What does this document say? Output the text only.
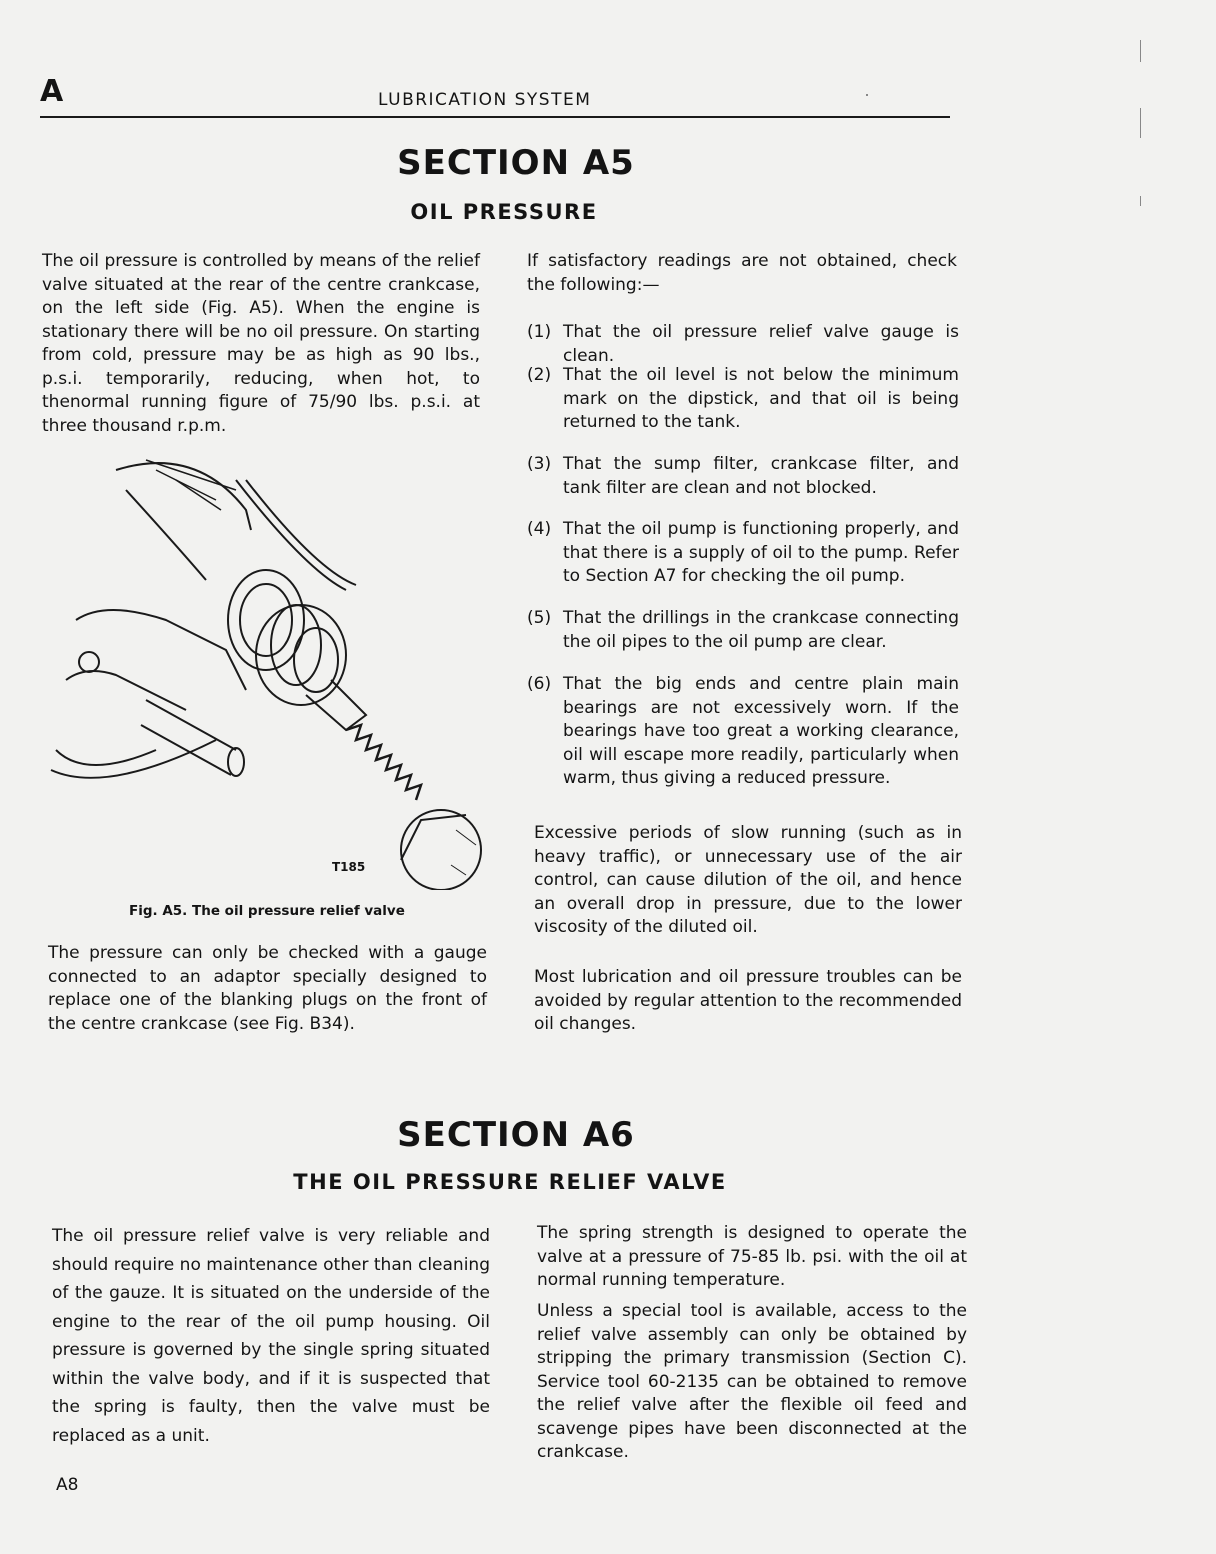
A	LUBRICATION SYSTEM
SECTION A5
OIL PRESSURE

The oil pressure is controlled by means of the relief valve situated at the rear of the centre crankcase, on the left side (Fig. A5). When the engine is stationary there will be no oil pressure. On starting from cold, pressure may be as high as 90 lbs., p.s.i. temporarily, reducing, when hot, to thenormal running figure of 75/90 lbs. p.s.i. at three thousand r.p.m.

T185
Fig. A5. The oil pressure relief valve

The pressure can only be checked with a gauge connected to an adaptor specially designed to replace one of the blanking plugs on the front of the centre crankcase (see Fig. B34).

If satisfactory readings are not obtained, check the following:—

(1) That the oil pressure relief valve gauge is clean.
(2) That the oil level is not below the minimum mark on the dipstick, and that oil is being returned to the tank.
(3) That the sump filter, crankcase filter, and tank filter are clean and not blocked.
(4) That the oil pump is functioning properly, and that there is a supply of oil to the pump. Refer to Section A7 for checking the oil pump.
(5) That the drillings in the crankcase connecting the oil pipes to the oil pump are clear.
(6) That the big ends and centre plain main bearings are not excessively worn. If the bearings have too great a working clearance, oil will escape more readily, particularly when warm, thus giving a reduced pressure.

Excessive periods of slow running (such as in heavy traffic), or unnecessary use of the air control, can cause dilution of the oil, and hence an overall drop in pressure, due to the lower viscosity of the diluted oil.

Most lubrication and oil pressure troubles can be avoided by regular attention to the recommended oil changes.

SECTION A6
THE OIL PRESSURE RELIEF VALVE

The oil pressure relief valve is very reliable and should require no maintenance other than cleaning of the gauze. It is situated on the underside of the engine to the rear of the oil pump housing. Oil pressure is governed by the single spring situated within the valve body, and if it is suspected that the spring is faulty, then the valve must be replaced as a unit.

The spring strength is designed to operate the valve at a pressure of 75-85 lb. psi. with the oil at normal running temperature.

Unless a special tool is available, access to the relief valve assembly can only be obtained by stripping the primary transmission (Section C). Service tool 60-2135 can be obtained to remove the relief valve after the flexible oil feed and scavenge pipes have been disconnected at the crankcase.

A8
